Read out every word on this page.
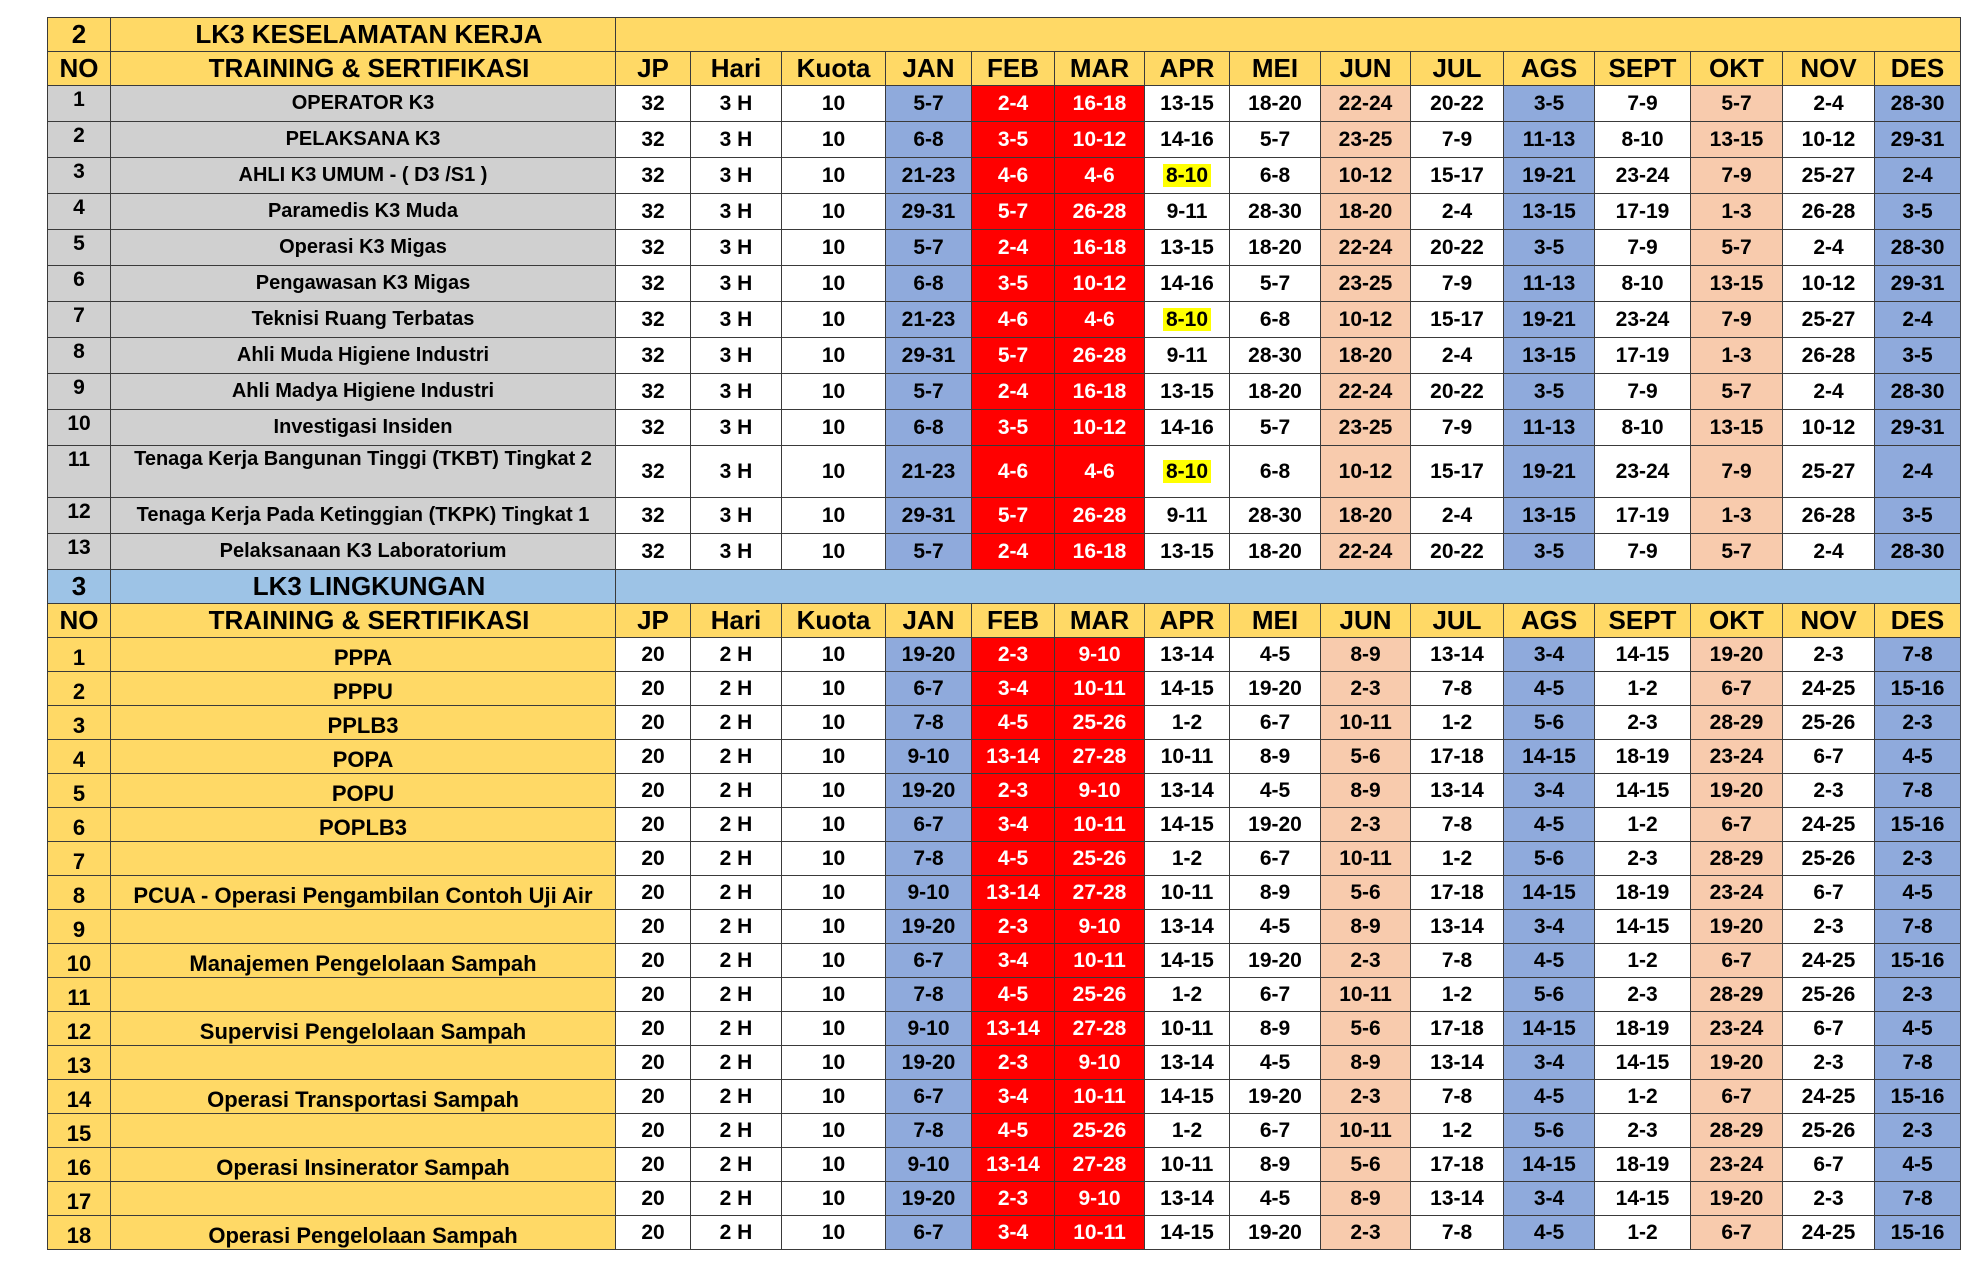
2	LK3 KESELAMATAN KERJA															
NO	TRAINING & SERTIFIKASI	JP	Hari	Kuota	JAN	FEB	MAR	APR	MEI	JUN	JUL	AGS	SEPT	OKT	NOV	DES
1	OPERATOR K3	32	3 H	10	5-7	2-4	16-18	13-15	18-20	22-24	20-22	3-5	7-9	5-7	2-4	28-30
2	PELAKSANA K3	32	3 H	10	6-8	3-5	10-12	14-16	5-7	23-25	7-9	11-13	8-10	13-15	10-12	29-31
3	AHLI K3 UMUM - ( D3 /S1 )	32	3 H	10	21-23	4-6	4-6	8-10	6-8	10-12	15-17	19-21	23-24	7-9	25-27	2-4
4	Paramedis K3 Muda	32	3 H	10	29-31	5-7	26-28	9-11	28-30	18-20	2-4	13-15	17-19	1-3	26-28	3-5
5	Operasi K3 Migas	32	3 H	10	5-7	2-4	16-18	13-15	18-20	22-24	20-22	3-5	7-9	5-7	2-4	28-30
6	Pengawasan K3 Migas	32	3 H	10	6-8	3-5	10-12	14-16	5-7	23-25	7-9	11-13	8-10	13-15	10-12	29-31
7	Teknisi Ruang Terbatas	32	3 H	10	21-23	4-6	4-6	8-10	6-8	10-12	15-17	19-21	23-24	7-9	25-27	2-4
8	Ahli Muda Higiene Industri	32	3 H	10	29-31	5-7	26-28	9-11	28-30	18-20	2-4	13-15	17-19	1-3	26-28	3-5
9	Ahli Madya Higiene Industri	32	3 H	10	5-7	2-4	16-18	13-15	18-20	22-24	20-22	3-5	7-9	5-7	2-4	28-30
10	Investigasi Insiden	32	3 H	10	6-8	3-5	10-12	14-16	5-7	23-25	7-9	11-13	8-10	13-15	10-12	29-31
11	Tenaga Kerja Bangunan Tinggi (TKBT) Tingkat 2	32	3 H	10	21-23	4-6	4-6	8-10	6-8	10-12	15-17	19-21	23-24	7-9	25-27	2-4
12	Tenaga Kerja Pada Ketinggian (TKPK) Tingkat 1	32	3 H	10	29-31	5-7	26-28	9-11	28-30	18-20	2-4	13-15	17-19	1-3	26-28	3-5
13	Pelaksanaan K3 Laboratorium	32	3 H	10	5-7	2-4	16-18	13-15	18-20	22-24	20-22	3-5	7-9	5-7	2-4	28-30
3	LK3 LINGKUNGAN															
NO	TRAINING & SERTIFIKASI	JP	Hari	Kuota	JAN	FEB	MAR	APR	MEI	JUN	JUL	AGS	SEPT	OKT	NOV	DES
1	PPPA	20	2 H	10	19-20	2-3	9-10	13-14	4-5	8-9	13-14	3-4	14-15	19-20	2-3	7-8
2	PPPU	20	2 H	10	6-7	3-4	10-11	14-15	19-20	2-3	7-8	4-5	1-2	6-7	24-25	15-16
3	PPLB3	20	2 H	10	7-8	4-5	25-26	1-2	6-7	10-11	1-2	5-6	2-3	28-29	25-26	2-3
4	POPA	20	2 H	10	9-10	13-14	27-28	10-11	8-9	5-6	17-18	14-15	18-19	23-24	6-7	4-5
5	POPU	20	2 H	10	19-20	2-3	9-10	13-14	4-5	8-9	13-14	3-4	14-15	19-20	2-3	7-8
6	POPLB3	20	2 H	10	6-7	3-4	10-11	14-15	19-20	2-3	7-8	4-5	1-2	6-7	24-25	15-16
7		20	2 H	10	7-8	4-5	25-26	1-2	6-7	10-11	1-2	5-6	2-3	28-29	25-26	2-3
8	PCUA - Operasi Pengambilan Contoh Uji Air	20	2 H	10	9-10	13-14	27-28	10-11	8-9	5-6	17-18	14-15	18-19	23-24	6-7	4-5
9		20	2 H	10	19-20	2-3	9-10	13-14	4-5	8-9	13-14	3-4	14-15	19-20	2-3	7-8
10	Manajemen Pengelolaan Sampah	20	2 H	10	6-7	3-4	10-11	14-15	19-20	2-3	7-8	4-5	1-2	6-7	24-25	15-16
11		20	2 H	10	7-8	4-5	25-26	1-2	6-7	10-11	1-2	5-6	2-3	28-29	25-26	2-3
12	Supervisi Pengelolaan Sampah	20	2 H	10	9-10	13-14	27-28	10-11	8-9	5-6	17-18	14-15	18-19	23-24	6-7	4-5
13		20	2 H	10	19-20	2-3	9-10	13-14	4-5	8-9	13-14	3-4	14-15	19-20	2-3	7-8
14	Operasi Transportasi Sampah	20	2 H	10	6-7	3-4	10-11	14-15	19-20	2-3	7-8	4-5	1-2	6-7	24-25	15-16
15		20	2 H	10	7-8	4-5	25-26	1-2	6-7	10-11	1-2	5-6	2-3	28-29	25-26	2-3
16	Operasi Insinerator Sampah	20	2 H	10	9-10	13-14	27-28	10-11	8-9	5-6	17-18	14-15	18-19	23-24	6-7	4-5
17		20	2 H	10	19-20	2-3	9-10	13-14	4-5	8-9	13-14	3-4	14-15	19-20	2-3	7-8
18	Operasi Pengelolaan Sampah	20	2 H	10	6-7	3-4	10-11	14-15	19-20	2-3	7-8	4-5	1-2	6-7	24-25	15-16
